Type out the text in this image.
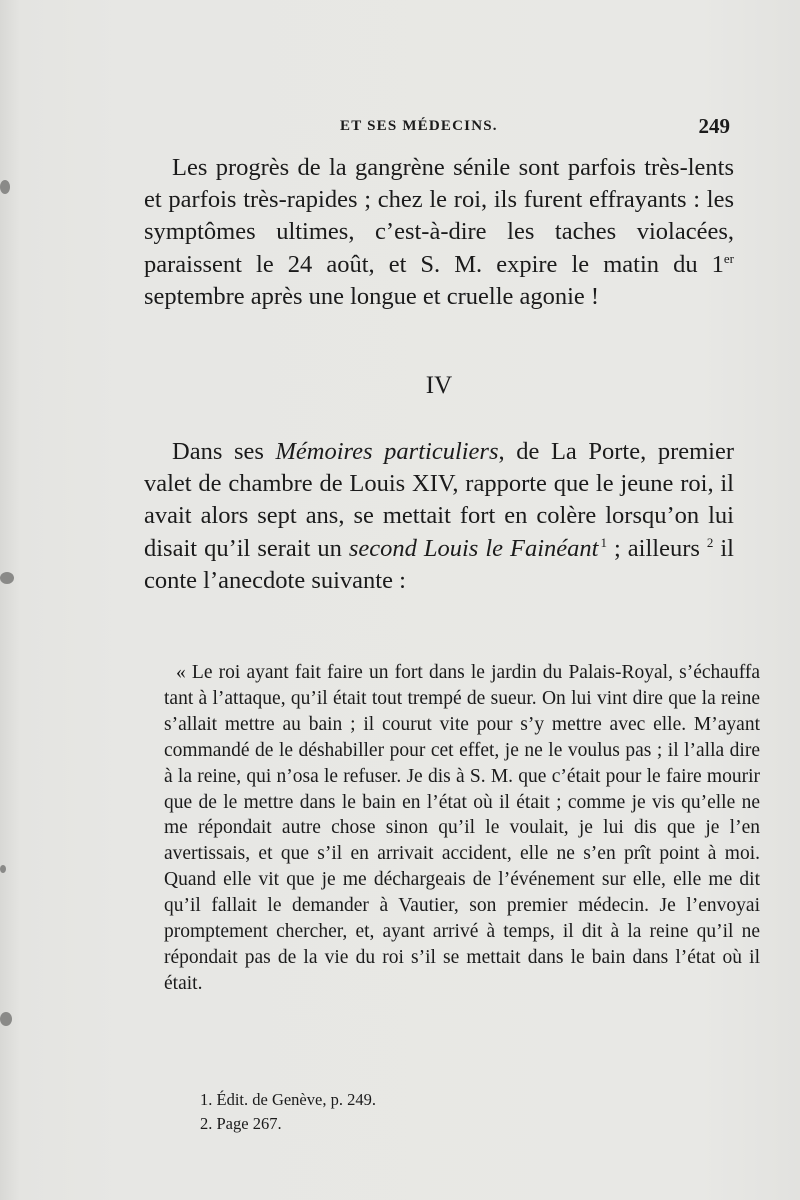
ET SES MÉDECINS.	249

Les progrès de la gangrène sénile sont parfois très-lents et parfois très-rapides ; chez le roi, ils furent effrayants : les symptômes ultimes, c’est-à-dire les taches violacées, paraissent le 24 août, et S. M. expire le matin du 1er septembre après une longue et cruelle agonie !

IV

Dans ses Mémoires particuliers, de La Porte, premier valet de chambre de Louis XIV, rapporte que le jeune roi, il avait alors sept ans, se mettait fort en colère lorsqu’on lui disait qu’il serait un second Louis le Fainéant  $^1$ ; ailleurs $^2$ il conte l’anecdote suivante :

« Le roi ayant fait faire un fort dans le jardin du Palais-Royal, s’échauffa tant à l’attaque, qu’il était tout trempé de sueur. On lui vint dire que la reine s’allait mettre au bain ; il courut vite pour s’y mettre avec elle. M’ayant commandé de le déshabiller pour cet effet, je ne le voulus pas ; il l’alla dire à la reine, qui n’osa le refuser. Je dis à S. M. que c’était pour le faire mourir que de le mettre dans le bain en l’état où il était ; comme je vis qu’elle ne me répondait autre chose sinon qu’il le voulait, je lui dis que je l’en avertissais, et que s’il en arrivait accident, elle ne s’en prît point à moi. Quand elle vit que je me déchargeais de l’événement sur elle, elle me dit qu’il fallait le demander à Vautier, son premier médecin. Je l’envoyai promptement chercher, et, ayant arrivé à temps, il dit à la reine qu’il ne répondait pas de la vie du roi s’il se mettait dans le bain dans l’état où il était.

1. Édit. de Genève, p. 249.
2. Page 267.
